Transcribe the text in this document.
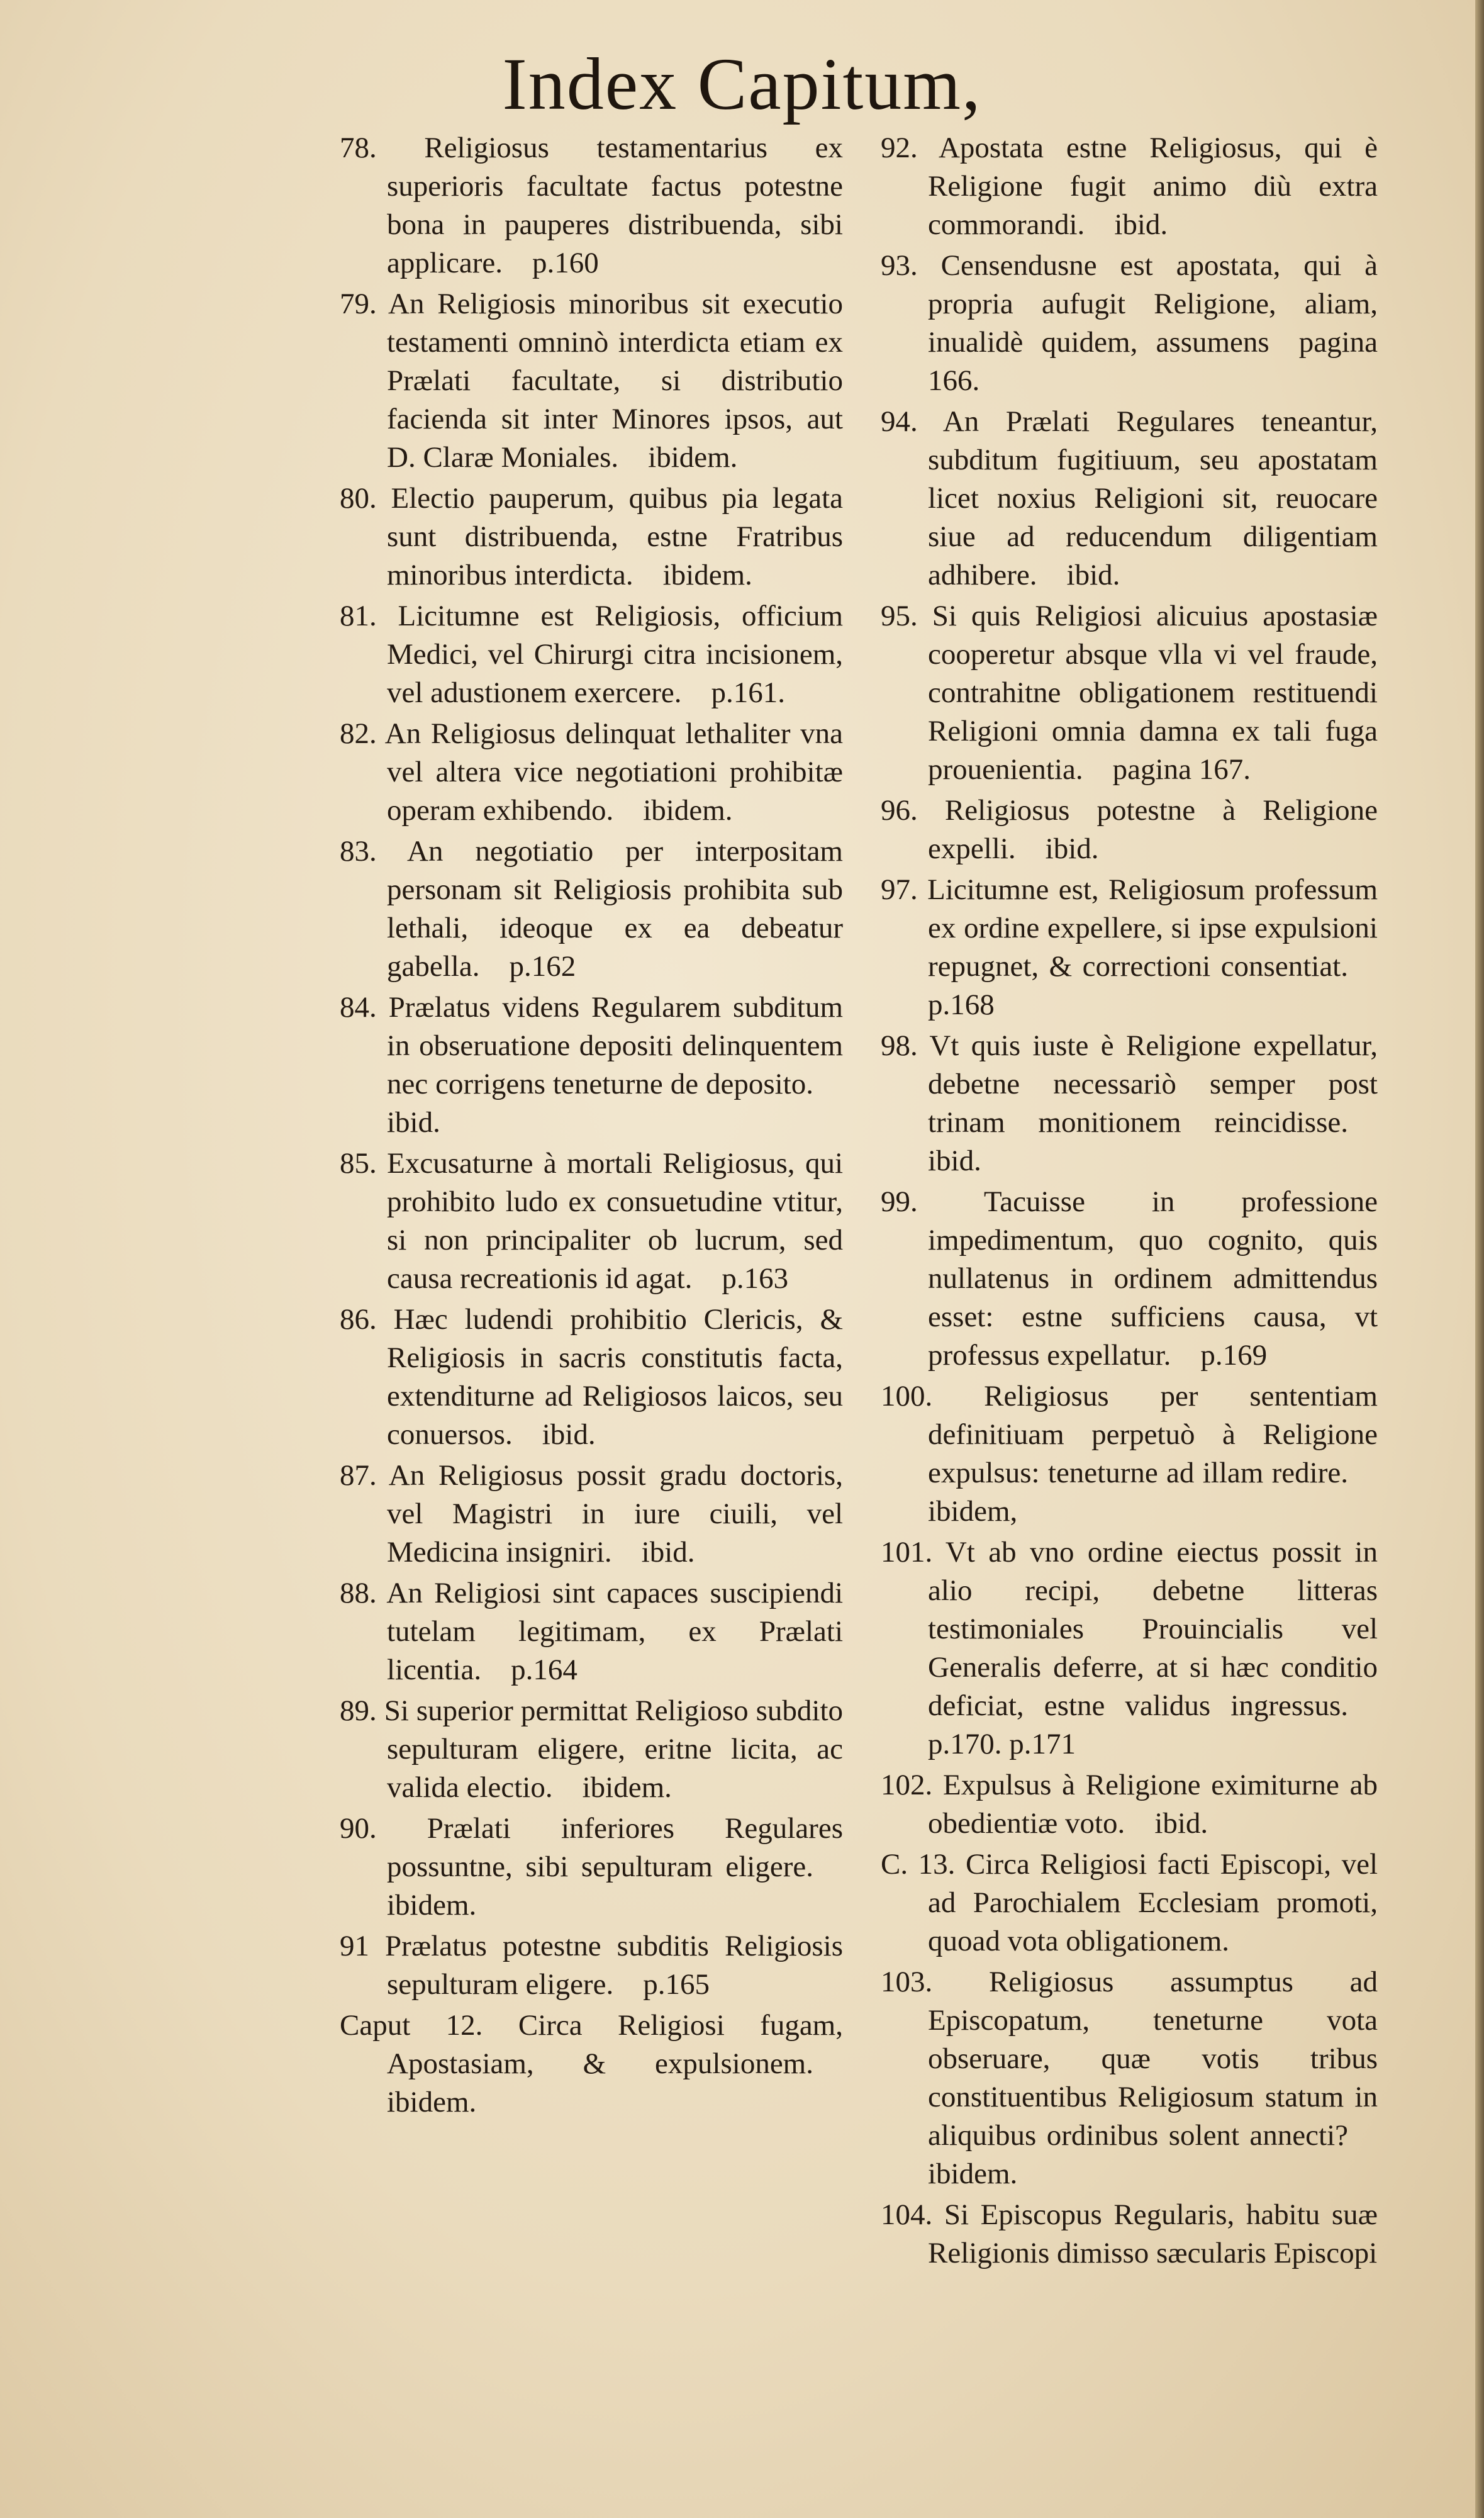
Index Capitum,

78. Religiosus testamentarius ex superioris facultate factus potestne bona in pauperes distribuenda, sibi applicare. p.160

79. An Religiosis minoribus sit executio testamenti omninò interdicta etiam ex Prælati facultate, si distributio facienda sit inter Minores ipsos, aut D. Claræ Moniales. ibidem.

80. Electio pauperum, quibus pia legata sunt distribuenda, estne Fratribus minoribus interdicta. ibidem.

81. Licitumne est Religiosis, officium Medici, vel Chirurgi citra incisionem, vel adustionem exercere. p.161.

82. An Religiosus delinquat lethaliter vna vel altera vice negotiationi prohibitæ operam exhibendo. ibidem.

83. An negotiatio per interpositam personam sit Religiosis prohibita sub lethali, ideoque ex ea debeatur gabella. p.162

84. Prælatus videns Regularem subditum in obseruatione depositi delinquentem nec corrigens teneturne de deposito.ibid.

85. Excusaturne à mortali Religiosus, qui prohibito ludo ex consuetudine vtitur, si non principaliter ob lucrum, sed causa recreationis id agat. p.163

86. Hæc ludendi prohibitio Clericis, & Religiosis in sacris constitutis facta, extenditurne ad Religiosos laicos, seu conuersos. ibid.

87. An Religiosus possit gradu doctoris, vel Magistri in iure ciuili, vel Medicina insigniri. ibid.

88. An Religiosi sint capaces suscipiendi tutelam legitimam, ex Prælati licentia. p.164

89. Si superior permittat Religioso subdito sepulturam eligere, eritne licita, ac valida electio. ibidem.

90. Prælati inferiores Regulares possuntne, sibi sepulturam eligere.ibidem.

91 Prælatus potestne subditis Religiosis sepulturam eligere. p.165

Caput 12. Circa Religiosi fugam, Apostasiam, & expulsionem.ibidem.

92. Apostata estne Religiosus, qui è Religione fugit animo diù extra commorandi. ibid.

93. Censendusne est apostata, qui à propria aufugit Religione, aliam, inualidè quidem, assumens pagina 166.

94. An Prælati Regulares teneantur, subditum fugitiuum, seu apostatam licet noxius Religioni sit, reuocare siue ad reducendum diligentiam adhibere. ibid.

95. Si quis Religiosi alicuius apostasiæ cooperetur absque vlla vi vel fraude, contrahitne obligationem restituendi Religioni omnia damna ex tali fuga prouenientia. pagina 167.

96. Religiosus potestne à Religione expelli. ibid.

97. Licitumne est, Religiosum professum ex ordine expellere, si ipse expulsioni repugnet, & correctioni consentiat.p.168

98. Vt quis iuste è Religione expellatur, debetne necessariò semper post trinam monitionem reincidisse.ibid.

99. Tacuisse in professione impedimentum, quo cognito, quis nullatenus in ordinem admittendus esset: estne sufficiens causa, vt professus expellatur. p.169

100. Religiosus per sententiam definitiuam perpetuò à Religione expulsus: teneturne ad illam redire.ibidem,

101. Vt ab vno ordine eiectus possit in alio recipi, debetne litteras testimoniales Prouincialis vel Generalis deferre, at si hæc conditio deficiat, estne validus ingressus.p.170. p.171

102. Expulsus à Religione eximiturne ab obedientiæ voto. ibid.

C. 13. Circa Religiosi facti Episcopi, vel ad Parochialem Ecclesiam promoti, quoad vota obligationem.

103. Religiosus assumptus ad Episcopatum, teneturne vota obseruare, quæ votis tribus constituentibus Religiosum statum in aliquibus ordinibus solent annecti?ibidem.

104. Si Episcopus Regularis, habitu suæ Religionis dimisso sæcularis Episcopi
